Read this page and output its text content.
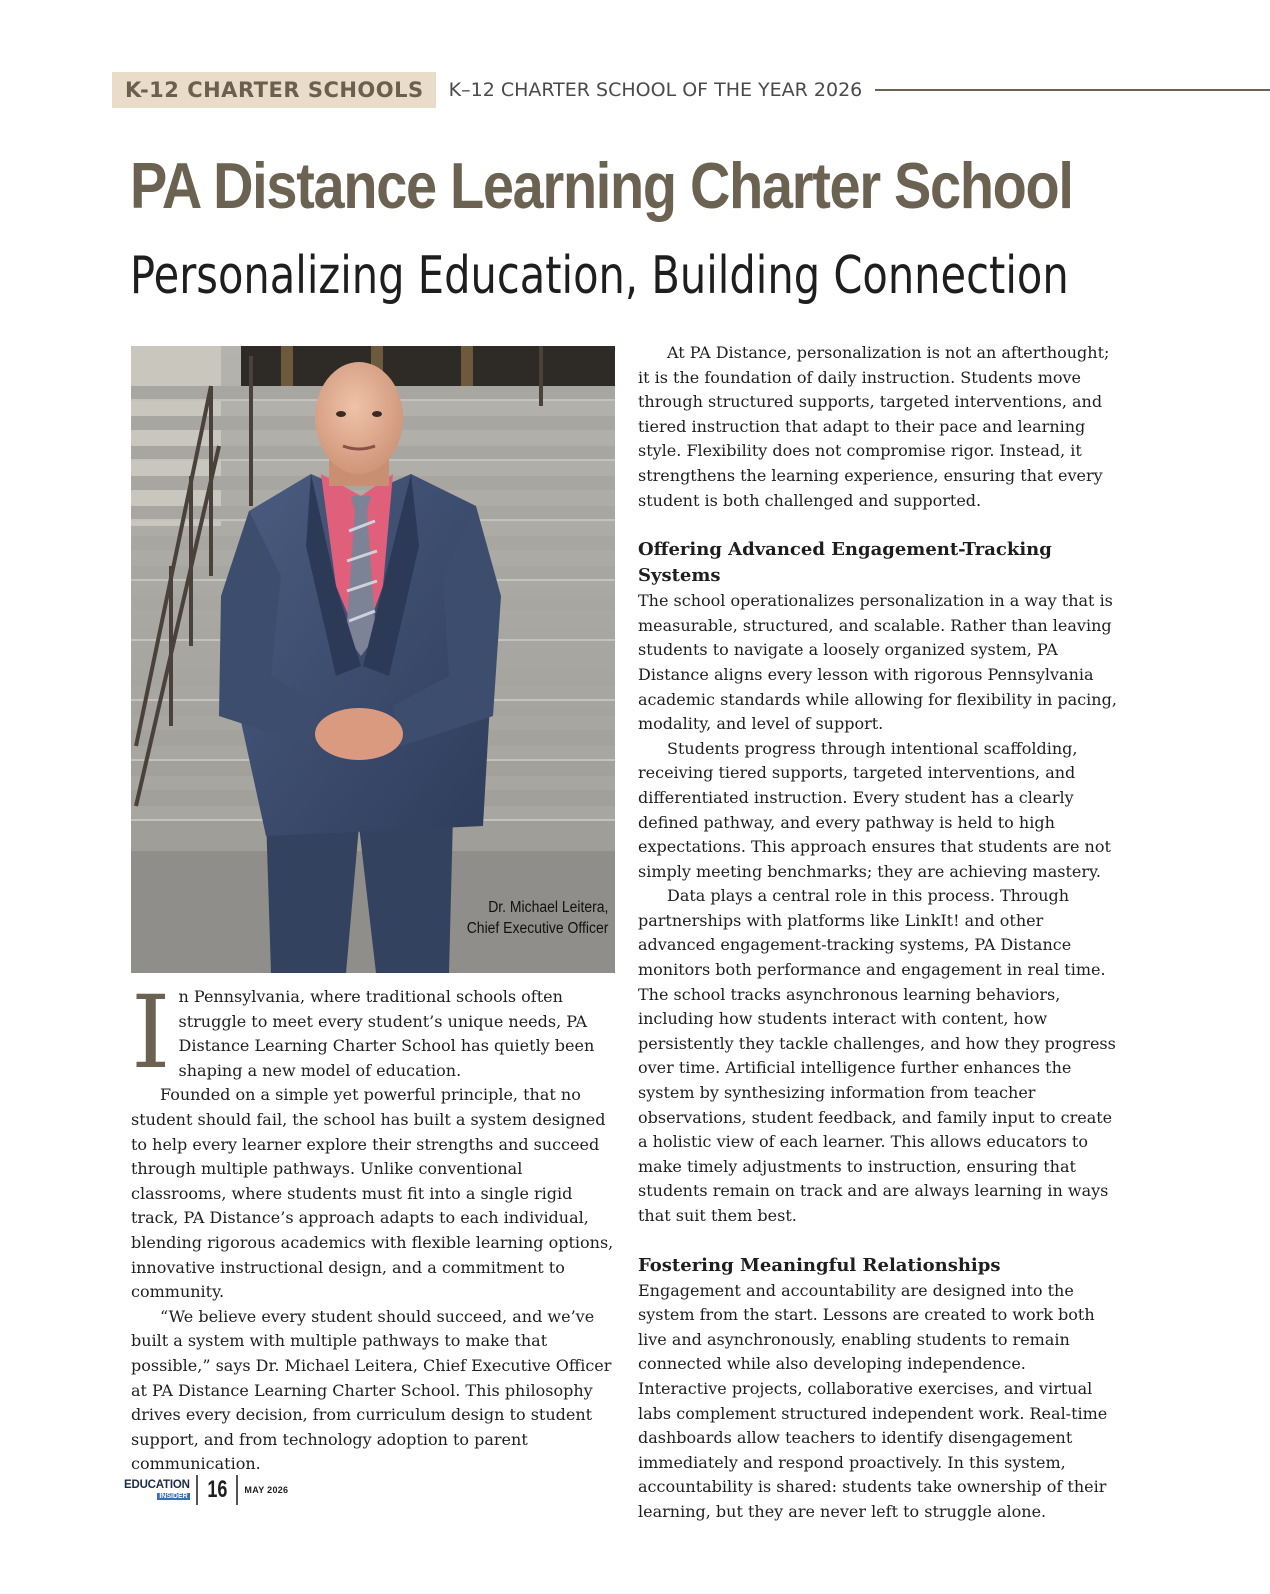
K-12 CHARTER SCHOOLS	K–12 CHARTER SCHOOL OF THE YEAR 2026
PA Distance Learning Charter School
Personalizing Education, Building Connection
Dr. Michael Leitera,
Chief Executive Officer

In Pennsylvania, where traditional schools often struggle to meet every student’s unique needs, PA Distance Learning Charter School has quietly been shaping a new model of education.

Founded on a simple yet powerful principle, that no student should fail, the school has built a system designed to help every learner explore their strengths and succeed through multiple pathways. Unlike conventional classrooms, where students must fit into a single rigid track, PA Distance’s approach adapts to each individual, blending rigorous academics with flexible learning options, innovative instructional design, and a commitment to community.

“We believe every student should succeed, and we’ve built a system with multiple pathways to make that possible,” says Dr. Michael Leitera, Chief Executive Officer at PA Distance Learning Charter School. This philosophy drives every decision, from curriculum design to student support, and from technology adoption to parent communication.

At PA Distance, personalization is not an afterthought; it is the foundation of daily instruction. Students move through structured supports, targeted interventions, and tiered instruction that adapt to their pace and learning style. Flexibility does not compromise rigor. Instead, it strengthens the learning experience, ensuring that every student is both challenged and supported.

Offering Advanced Engagement-Tracking Systems

The school operationalizes personalization in a way that is measurable, structured, and scalable. Rather than leaving students to navigate a loosely organized system, PA Distance aligns every lesson with rigorous Pennsylvania academic standards while allowing for flexibility in pacing, modality, and level of support.

Students progress through intentional scaffolding, receiving tiered supports, targeted interventions, and differentiated instruction. Every student has a clearly defined pathway, and every pathway is held to high expectations. This approach ensures that students are not simply meeting benchmarks; they are achieving mastery.

Data plays a central role in this process. Through partnerships with platforms like LinkIt! and other advanced engagement-tracking systems, PA Distance monitors both performance and engagement in real time. The school tracks asynchronous learning behaviors, including how students interact with content, how persistently they tackle challenges, and how they progress over time. Artificial intelligence further enhances the system by synthesizing information from teacher observations, student feedback, and family input to create a holistic view of each learner. This allows educators to make timely adjustments to instruction, ensuring that students remain on track and are always learning in ways that suit them best.

Fostering Meaningful Relationships

Engagement and accountability are designed into the system from the start. Lessons are created to work both live and asynchronously, enabling students to remain connected while also developing independence. Interactive projects, collaborative exercises, and virtual labs complement structured independent work. Real-time dashboards allow teachers to identify disengagement immediately and respond proactively. In this system, accountability is shared: students take ownership of their learning, but they are never left to struggle alone.

EDUCATION
INSIDER 16 MAY 2026
